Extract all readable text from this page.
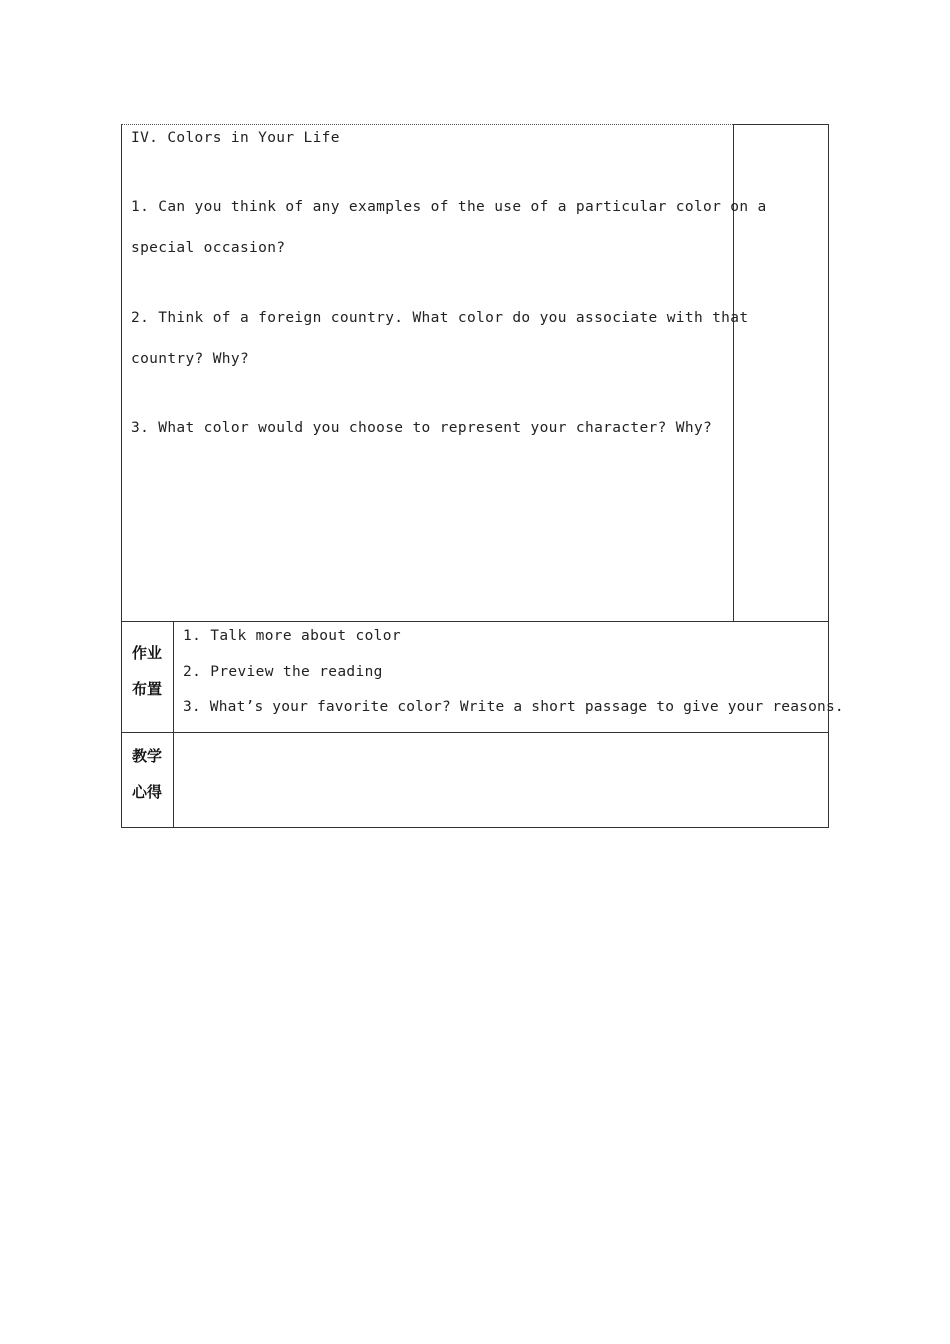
IV. Colors in Your Life
1. Can you think of any examples of the use of a particular color on a
special occasion?
2. Think of a foreign country. What color do you associate with that
country? Why?
3. What color would you choose to represent your character? Why?
作业
布置
1. Talk more about color
2. Preview the reading
3. What’s your favorite color? Write a short passage to give your reasons.
教学
心得
